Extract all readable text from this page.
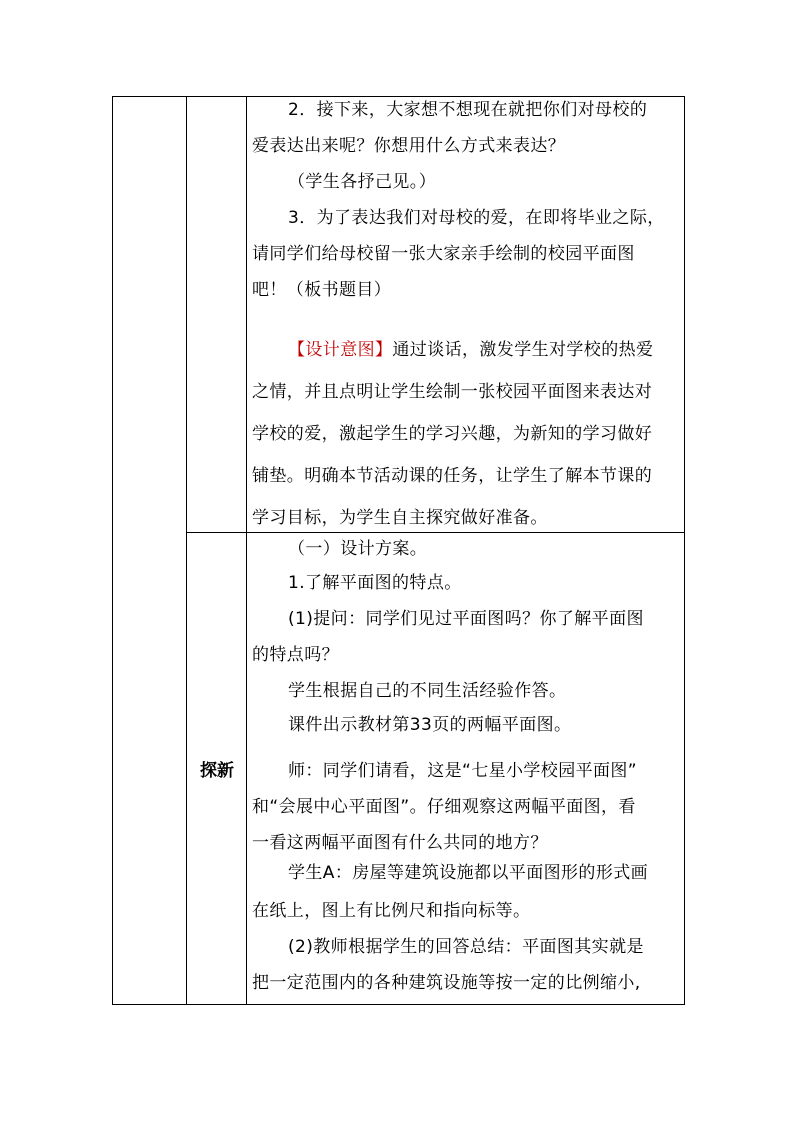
2．接下来，大家想不想现在就把你们对母校的
爱表达出来呢？你想用什么方式来表达？
（学生各抒己见。）
3．为了表达我们对母校的爱，在即将毕业之际，
请同学们给母校留一张大家亲手绘制的校园平面图
吧！（板书题目）
【设计意图】通过谈话，激发学生对学校的热爱
之情，并且点明让学生绘制一张校园平面图来表达对
学校的爱，激起学生的学习兴趣，为新知的学习做好
铺垫。明确本节活动课的任务，让学生了解本节课的
学习目标，为学生自主探究做好准备。
探新
（一）设计方案。
1.了解平面图的特点。
(1)提问：同学们见过平面图吗？你了解平面图
的特点吗？
学生根据自己的不同生活经验作答。
课件出示教材第33页的两幅平面图。
师：同学们请看，这是“七星小学校园平面图”
和“会展中心平面图”。仔细观察这两幅平面图，看
一看这两幅平面图有什么共同的地方？
学生A：房屋等建筑设施都以平面图形的形式画
在纸上，图上有比例尺和指向标等。
(2)教师根据学生的回答总结：平面图其实就是
把一定范围内的各种建筑设施等按一定的比例缩小,
